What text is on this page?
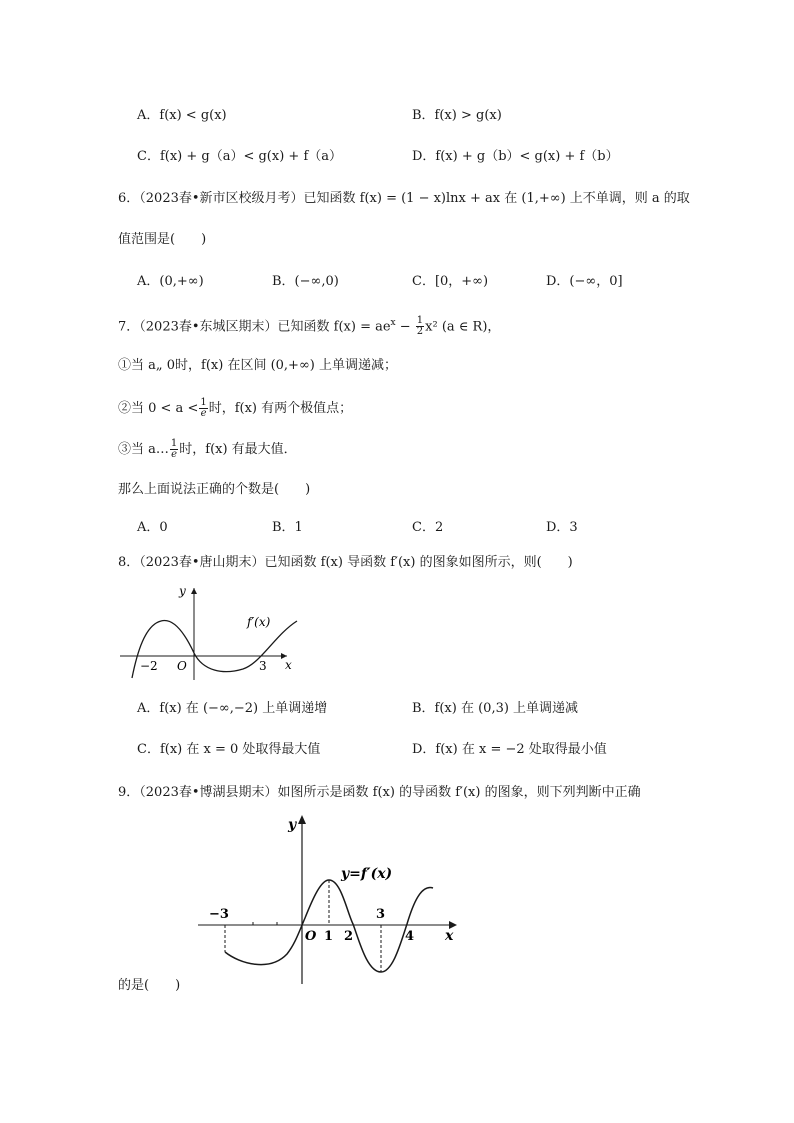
A．f(x) < g(x)	B．f(x) > g(x)
C．f(x) + g（a）< g(x) + f（a）	D．f(x) + g（b）< g(x) + f（b）
6．（2023春•新市区校级月考）已知函数 f(x) = (1 − x)lnx + ax 在 (1,+∞) 上不单调，则 a 的取
值范围是(　　)
A．(0,+∞)	B．(−∞,0)	C．[0，+∞)	D．(−∞，0]
7．（2023春•东城区期末）已知函数 $f(x) = ae^x - \frac{1}{2} x^2$ (a ∈ R)，
①当 a„ 0时，f(x) 在区间 (0,+∞) 上单调递减；
②当 $0 < a < \frac{1}{e}$ 时，f(x) 有两个极值点；
③当 a… $\frac{1}{e}$ 时，f(x) 有最大值．
那么上面说法正确的个数是(　　)
A．0	B．1	C．2	D．3
8．（2023春•唐山期末）已知函数 f(x) 导函数 f′(x) 的图象如图所示，则(　　)
y
x
O
f′(x)
−2	3
A．f(x) 在 (−∞,−2) 上单调递增	B．f(x) 在 (0,3) 上单调递减
C．f(x) 在 x = 0 处取得最大值	D．f(x) 在 x = −2 处取得最小值
9．（2023春•博湖县期末）如图所示是函数 f(x) 的导函数 f′(x) 的图象，则下列判断中正确
y
x
O
y=f′(x)
−3
1 2
3
4
的是(　　)
